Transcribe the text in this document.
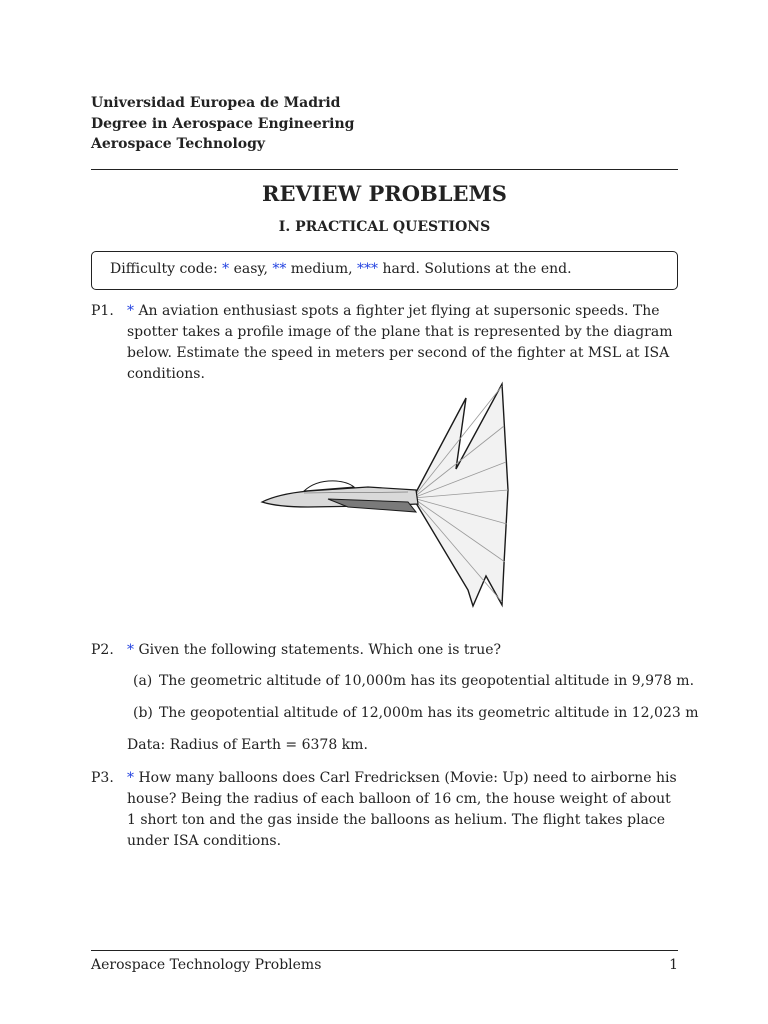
Universidad Europea de Madrid
Degree in Aerospace Engineering
Aerospace Technology
REVIEW PROBLEMS
I. PRACTICAL QUESTIONS
Difficulty code: * easy, ** medium, *** hard. Solutions at the end.
P1. * An aviation enthusiast spots a fighter jet flying at supersonic speeds. The spotter takes a profile image of the plane that is represented by the diagram below. Estimate the speed in meters per second of the fighter at MSL at ISA conditions.
P2. * Given the following statements. Which one is true?
(a) The geometric altitude of 10,000m has its geopotential altitude in 9,978 m.
(b) The geopotential altitude of 12,000m has its geometric altitude in 12,023 m
Data: Radius of Earth = 6378 km.
P3. * How many balloons does Carl Fredricksen (Movie: Up) need to airborne his house? Being the radius of each balloon of 16 cm, the house weight of about 1 short ton and the gas inside the balloons as helium. The flight takes place under ISA conditions.
Aerospace Technology Problems	1
